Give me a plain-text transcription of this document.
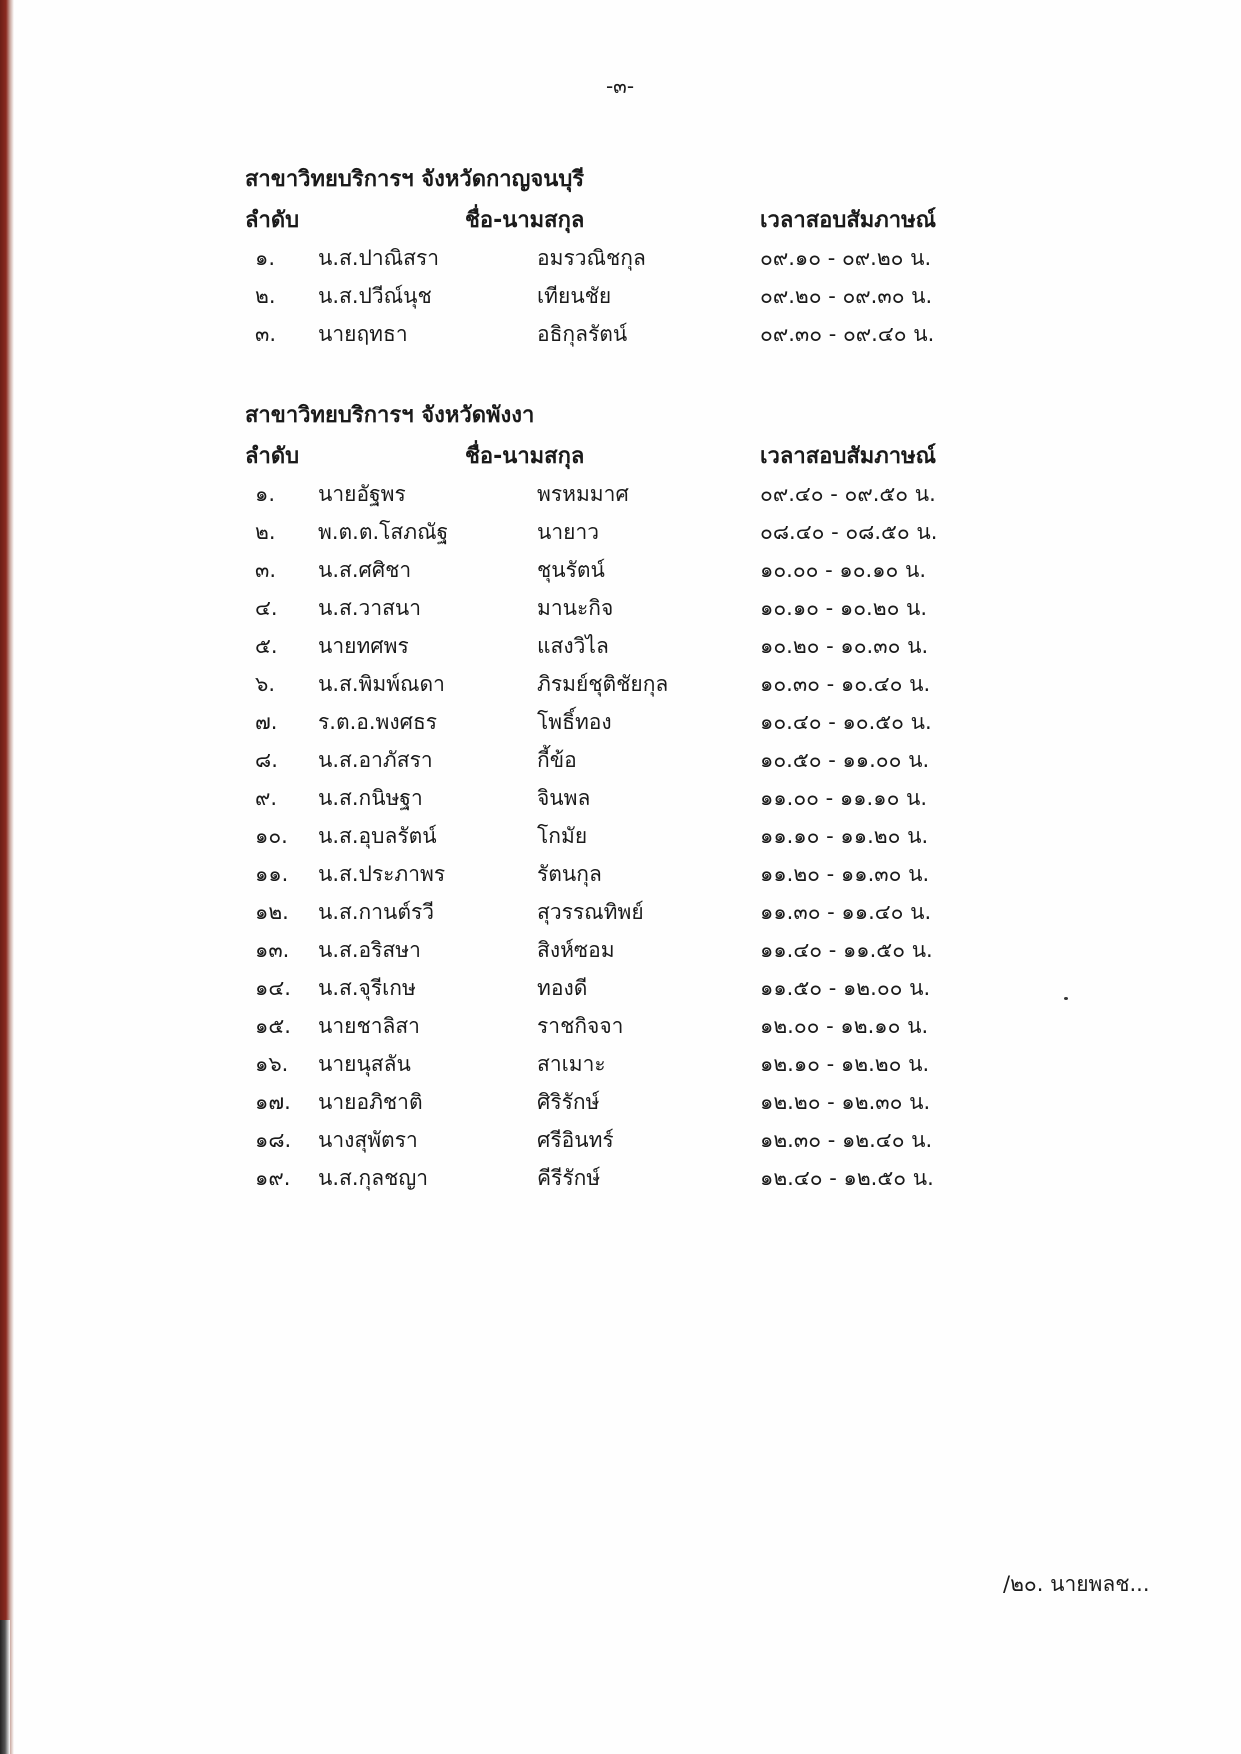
-๓-
สาขาวิทยบริการฯ จังหวัดกาญจนบุรี
ลำดับ	ชื่อ-นามสกุล	เวลาสอบสัมภาษณ์
๑. น.ส.ปาณิสรา	อมรวณิชกุล	๐๙.๑๐ - ๐๙.๒๐ น.
๒. น.ส.ปวีณ์นุช	เทียนชัย	๐๙.๒๐ - ๐๙.๓๐ น.
๓. นายฤทธา	อธิกุลรัตน์	๐๙.๓๐ - ๐๙.๔๐ น.
สาขาวิทยบริการฯ จังหวัดพังงา
ลำดับ	ชื่อ-นามสกุล	เวลาสอบสัมภาษณ์
๑. นายอัฐพร	พรหมมาศ	๐๙.๔๐ - ๐๙.๕๐ น.
๒. พ.ต.ต.โสภณัฐ	นายาว	๐๘.๔๐ - ๐๘.๕๐ น.
๓. น.ส.ศศิชา	ชุนรัตน์	๑๐.๐๐ - ๑๐.๑๐ น.
๔. น.ส.วาสนา	มานะกิจ	๑๐.๑๐ - ๑๐.๒๐ น.
๕. นายทศพร	แสงวิไล	๑๐.๒๐ - ๑๐.๓๐ น.
๖. น.ส.พิมพ์ณดา	ภิรมย์ชุติชัยกุล	๑๐.๓๐ - ๑๐.๔๐ น.
๗. ร.ต.อ.พงศธร	โพธิ์ทอง	๑๐.๔๐ - ๑๐.๕๐ น.
๘. น.ส.อาภัสรา	กี้ข้อ	๑๐.๕๐ - ๑๑.๐๐ น.
๙. น.ส.กนิษฐา	จินพล	๑๑.๐๐ - ๑๑.๑๐ น.
๑๐. น.ส.อุบลรัตน์	โกมัย	๑๑.๑๐ - ๑๑.๒๐ น.
๑๑. น.ส.ประภาพร	รัตนกุล	๑๑.๒๐ - ๑๑.๓๐ น.
๑๒. น.ส.กานต์รวี	สุวรรณทิพย์	๑๑.๓๐ - ๑๑.๔๐ น.
๑๓. น.ส.อริสษา	สิงห์ซอม	๑๑.๔๐ - ๑๑.๕๐ น.
๑๔. น.ส.จุรีเกษ	ทองดี	๑๑.๕๐ - ๑๒.๐๐ น.
๑๕. นายชาลิสา	ราชกิจจา	๑๒.๐๐ - ๑๒.๑๐ น.
๑๖. นายนุสลัน	สาเมาะ	๑๒.๑๐ - ๑๒.๒๐ น.
๑๗. นายอภิชาติ	ศิริรักษ์	๑๒.๒๐ - ๑๒.๓๐ น.
๑๘. นางสุพัตรา	ศรีอินทร์	๑๒.๓๐ - ๑๒.๔๐ น.
๑๙. น.ส.กุลชญา	คีรีรักษ์	๑๒.๔๐ - ๑๒.๕๐ น.
/๒๐. นายพลช...
